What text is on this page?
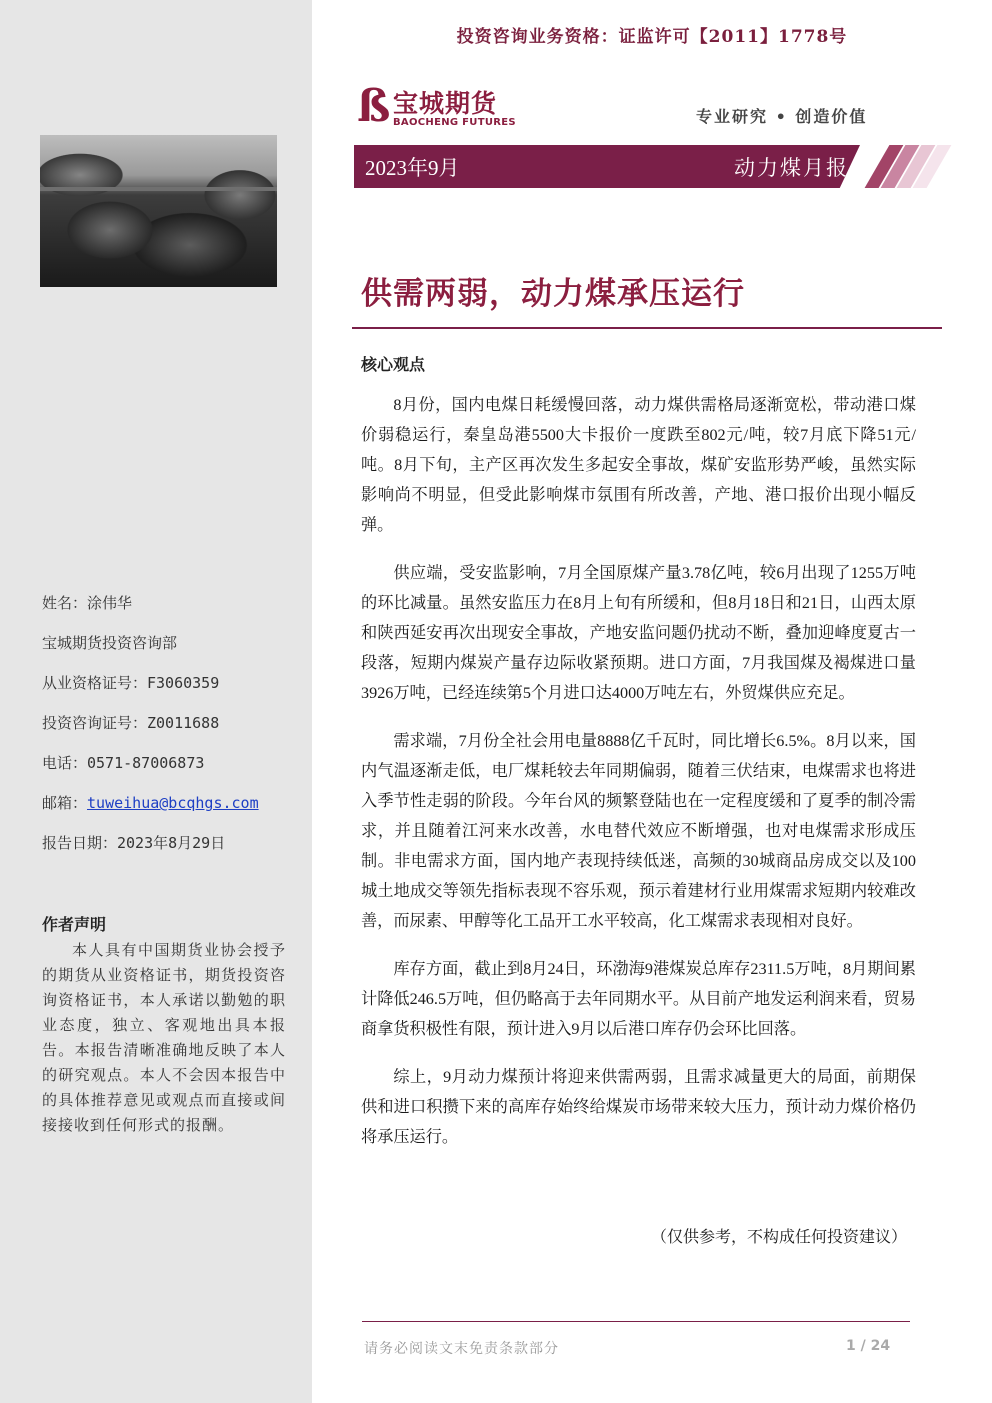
姓名：涂伟华
宝城期货投资咨询部
从业资格证号：F3060359
投资咨询证号：Z0011688
电话：0571-87006873
邮箱：tuweihua@bcqhgs.com
报告日期：2023年8月29日
作者声明
本人具有中国期货业协会授予的期货从业资格证书，期货投资咨询资格证书，本人承诺以勤勉的职业态度，独立、客观地出具本报告。本报告清晰准确地反映了本人的研究观点。本人不会因本报告中的具体推荐意见或观点而直接或间接接收到任何形式的报酬。
投资咨询业务资格：证监许可【2011】1778号
ß 宝城期货
BAOCHENG FUTURES	专业研究 • 创造价值
2023年9月	动力煤月报
供需两弱，动力煤承压运行
核心观点

8月份，国内电煤日耗缓慢回落，动力煤供需格局逐渐宽松，带动港口煤价弱稳运行，秦皇岛港5500大卡报价一度跌至802元/吨，较7月底下降51元/吨。8月下旬，主产区再次发生多起安全事故，煤矿安监形势严峻，虽然实际影响尚不明显，但受此影响煤市氛围有所改善，产地、港口报价出现小幅反弹。

供应端，受安监影响，7月全国原煤产量3.78亿吨，较6月出现了1255万吨的环比减量。虽然安监压力在8月上旬有所缓和，但8月18日和21日，山西太原和陕西延安再次出现安全事故，产地安监问题仍扰动不断，叠加迎峰度夏古一段落，短期内煤炭产量存边际收紧预期。进口方面，7月我国煤及褐煤进口量3926万吨，已经连续第5个月进口达4000万吨左右，外贸煤供应充足。

需求端，7月份全社会用电量8888亿千瓦时，同比增长6.5%。8月以来，国内气温逐渐走低，电厂煤耗较去年同期偏弱，随着三伏结束，电煤需求也将进入季节性走弱的阶段。今年台风的频繁登陆也在一定程度缓和了夏季的制冷需求，并且随着江河来水改善，水电替代效应不断增强，也对电煤需求形成压制。非电需求方面，国内地产表现持续低迷，高频的30城商品房成交以及100城土地成交等领先指标表现不容乐观，预示着建材行业用煤需求短期内较难改善，而尿素、甲醇等化工品开工水平较高，化工煤需求表现相对良好。

库存方面，截止到8月24日，环渤海9港煤炭总库存2311.5万吨，8月期间累计降低246.5万吨，但仍略高于去年同期水平。从目前产地发运利润来看，贸易商拿货积极性有限，预计进入9月以后港口库存仍会环比回落。

综上，9月动力煤预计将迎来供需两弱，且需求减量更大的局面，前期保供和进口积攒下来的高库存始终给煤炭市场带来较大压力，预计动力煤价格仍将承压运行。

（仅供参考，不构成任何投资建议）
请务必阅读文末免责条款部分	1 / 24
